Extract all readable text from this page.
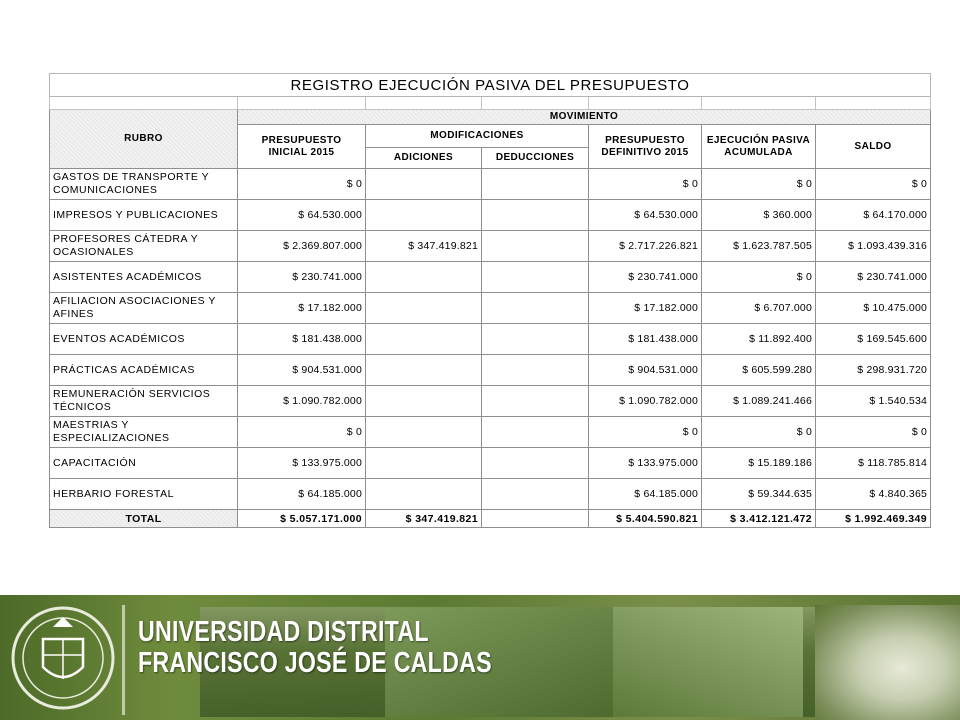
REGISTRO EJECUCIÓN PASIVA DEL PRESUPUESTO						

RUBRO	MOVIMIENTO					
	PRESUPUESTO INICIAL 2015	MODIFICACIONES		PRESUPUESTO DEFINITIVO 2015	EJECUCIÓN PASIVA ACUMULADA	SALDO
		ADICIONES	DEDUCCIONES			
GASTOS DE TRANSPORTE Y COMUNICACIONES	$ 0			$ 0	$ 0	$ 0
IMPRESOS Y PUBLICACIONES	$ 64.530.000			$ 64.530.000	$ 360.000	$ 64.170.000
PROFESORES CÁTEDRA Y OCASIONALES	$ 2.369.807.000	$ 347.419.821		$ 2.717.226.821	$ 1.623.787.505	$ 1.093.439.316
ASISTENTES ACADÉMICOS	$ 230.741.000			$ 230.741.000	$ 0	$ 230.741.000
AFILIACION ASOCIACIONES Y AFINES	$ 17.182.000			$ 17.182.000	$ 6.707.000	$ 10.475.000
EVENTOS ACADÉMICOS	$ 181.438.000			$ 181.438.000	$ 11.892.400	$ 169.545.600
PRÁCTICAS ACADÉMICAS	$ 904.531.000			$ 904.531.000	$ 605.599.280	$ 298.931.720
REMUNERACIÓN SERVICIOS TÉCNICOS	$ 1.090.782.000			$ 1.090.782.000	$ 1.089.241.466	$ 1.540.534
MAESTRIAS Y ESPECIALIZACIONES	$ 0			$ 0	$ 0	$ 0
CAPACITACIÓN	$ 133.975.000			$ 133.975.000	$ 15.189.186	$ 118.785.814
HERBARIO FORESTAL	$ 64.185.000			$ 64.185.000	$ 59.344.635	$ 4.840.365
TOTAL	$ 5.057.171.000	$ 347.419.821		$ 5.404.590.821	$ 3.412.121.472	$ 1.992.469.349
UNIVERSIDAD DISTRITAL
FRANCISCO JOSÉ DE CALDAS
